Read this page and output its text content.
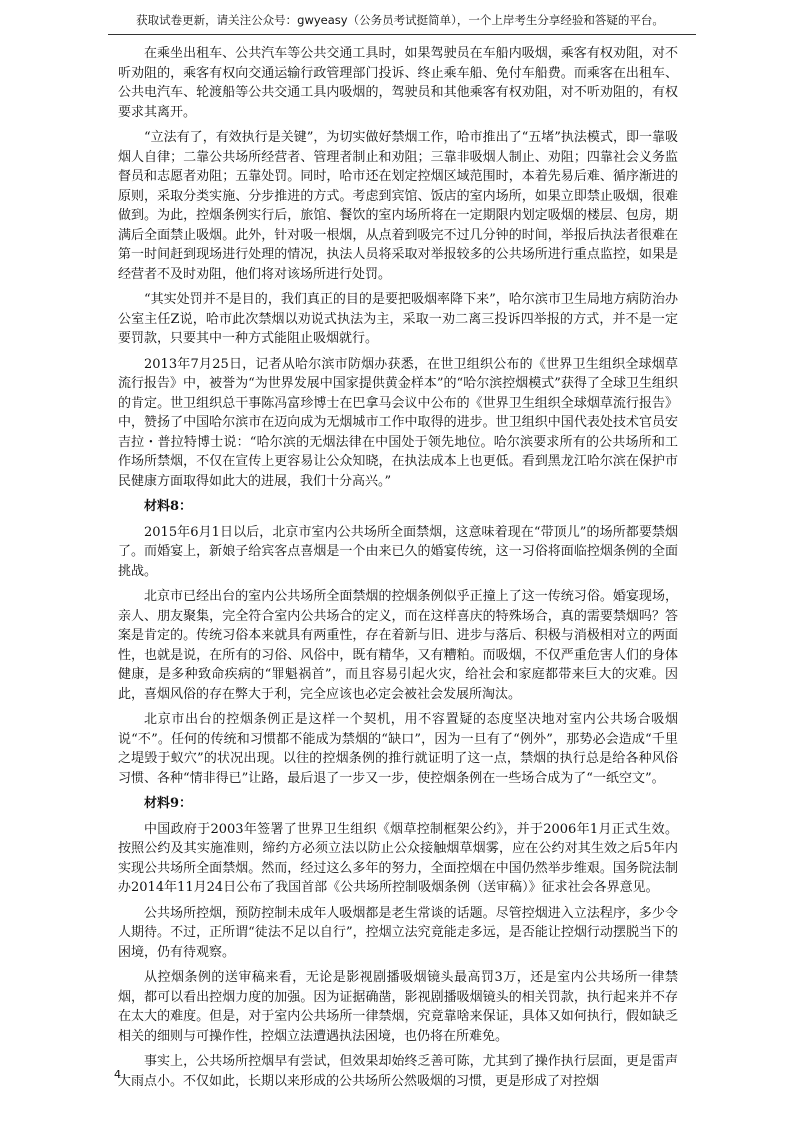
获取试卷更新，请关注公众号：gwyeasy（公务员考试挺简单），一个上岸考生分享经验和答疑的平台。

在乘坐出租车、公共汽车等公共交通工具时，如果驾驶员在车船内吸烟，乘客有权劝阻，对不听劝阻的，乘客有权向交通运输行政管理部门投诉、终止乘车船、免付车船费。而乘客在出租车、公共电汽车、轮渡船等公共交通工具内吸烟的，驾驶员和其他乘客有权劝阻，对不听劝阻的，有权要求其离开。

“立法有了，有效执行是关键”，为切实做好禁烟工作，哈市推出了“五堵”执法模式，即一靠吸烟人自律；二靠公共场所经营者、管理者制止和劝阻；三靠非吸烟人制止、劝阻；四靠社会义务监督员和志愿者劝阻；五靠处罚。同时，哈市还在划定控烟区域范围时，本着先易后难、循序渐进的原则，采取分类实施、分步推进的方式。考虑到宾馆、饭店的室内场所，如果立即禁止吸烟，很难做到。为此，控烟条例实行后，旅馆、餐饮的室内场所将在一定期限内划定吸烟的楼层、包房，期满后全面禁止吸烟。此外，针对吸一根烟，从点着到吸完不过几分钟的时间，举报后执法者很难在第一时间赶到现场进行处理的情况，执法人员将采取对举报较多的公共场所进行重点监控，如果是经营者不及时劝阻，他们将对该场所进行处罚。

“其实处罚并不是目的，我们真正的目的是要把吸烟率降下来”，哈尔滨市卫生局地方病防治办公室主任Z说，哈市此次禁烟以劝说式执法为主，采取一劝二离三投诉四举报的方式，并不是一定要罚款，只要其中一种方式能阻止吸烟就行。

2013年7月25日，记者从哈尔滨市防烟办获悉，在世卫组织公布的《世界卫生组织全球烟草流行报告》中，被誉为“为世界发展中国家提供黄金样本”的“哈尔滨控烟模式”获得了全球卫生组织的肯定。世卫组织总干事陈冯富珍博士在巴拿马会议中公布的《世界卫生组织全球烟草流行报告》中，赞扬了中国哈尔滨市在迈向成为无烟城市工作中取得的进步。世卫组织中国代表处技术官员安吉拉・普拉特博士说：“哈尔滨的无烟法律在中国处于领先地位。哈尔滨要求所有的公共场所和工作场所禁烟，不仅在宣传上更容易让公众知晓，在执法成本上也更低。看到黑龙江哈尔滨在保护市民健康方面取得如此大的进展，我们十分高兴。”

材料8：

2015年6月1日以后，北京市室内公共场所全面禁烟，这意味着现在“带顶儿”的场所都要禁烟了。而婚宴上，新娘子给宾客点喜烟是一个由来已久的婚宴传统，这一习俗将面临控烟条例的全面挑战。

北京市已经出台的室内公共场所全面禁烟的控烟条例似乎正撞上了这一传统习俗。婚宴现场，亲人、朋友聚集，完全符合室内公共场合的定义，而在这样喜庆的特殊场合，真的需要禁烟吗？答案是肯定的。传统习俗本来就具有两重性，存在着新与旧、进步与落后、积极与消极相对立的两面性，也就是说，在所有的习俗、风俗中，既有精华，又有糟粕。而吸烟，不仅严重危害人们的身体健康，是多种致命疾病的“罪魁祸首”，而且容易引起火灾，给社会和家庭都带来巨大的灾难。因此，喜烟风俗的存在弊大于利，完全应该也必定会被社会发展所淘汰。

北京市出台的控烟条例正是这样一个契机，用不容置疑的态度坚决地对室内公共场合吸烟说“不”。任何的传统和习惯都不能成为禁烟的“缺口”，因为一旦有了“例外”，那势必会造成“千里之堤毁于蚁穴”的状况出现。以往的控烟条例的推行就证明了这一点，禁烟的执行总是给各种风俗习惯、各种“情非得已”让路，最后退了一步又一步，使控烟条例在一些场合成为了“一纸空文”。

材料9：

中国政府于2003年签署了世界卫生组织《烟草控制框架公约》，并于2006年1月正式生效。按照公约及其实施准则，缔约方必须立法以防止公众接触烟草烟雾，应在公约对其生效之后5年内实现公共场所全面禁烟。然而，经过这么多年的努力，全面控烟在中国仍然举步维艰。国务院法制办2014年11月24日公布了我国首部《公共场所控制吸烟条例（送审稿）》征求社会各界意见。

公共场所控烟，预防控制未成年人吸烟都是老生常谈的话题。尽管控烟进入立法程序，多少令人期待。不过，正所谓“徒法不足以自行”，控烟立法究竟能走多远，是否能让控烟行动摆脱当下的困境，仍有待观察。

从控烟条例的送审稿来看，无论是影视剧播吸烟镜头最高罚3万，还是室内公共场所一律禁烟，都可以看出控烟力度的加强。因为证据确凿，影视剧播吸烟镜头的相关罚款，执行起来并不存在太大的难度。但是，对于室内公共场所一律禁烟，究竟靠啥来保证，具体又如何执行，假如缺乏相关的细则与可操作性，控烟立法遭遇执法困境，也仍将在所难免。

事实上，公共场所控烟早有尝试，但效果却始终乏善可陈，尤其到了操作执行层面，更是雷声大雨点小。不仅如此，长期以来形成的公共场所公然吸烟的习惯，更是形成了对控烟

4
